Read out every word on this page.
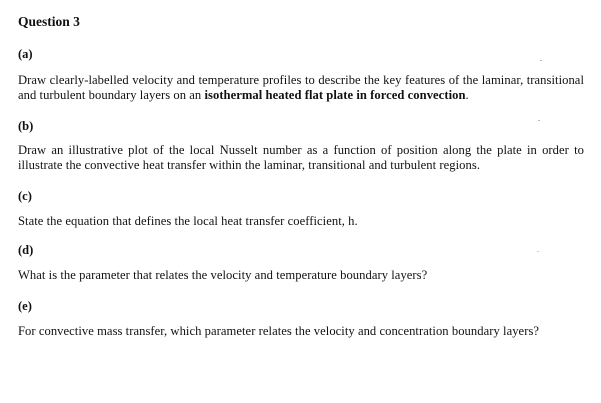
Question 3
(a)
Draw clearly-labelled velocity and temperature profiles to describe the key features of the laminar, transitional and turbulent boundary layers on an isothermal heated flat plate in forced convection.
(b)
Draw an illustrative plot of the local Nusselt number as a function of position along the plate in order to illustrate the convective heat transfer within the laminar, transitional and turbulent regions.
(c)
State the equation that defines the local heat transfer coefficient, h.
(d)
What is the parameter that relates the velocity and temperature boundary layers?
(e)
For convective mass transfer, which parameter relates the velocity and concentration boundary layers?
